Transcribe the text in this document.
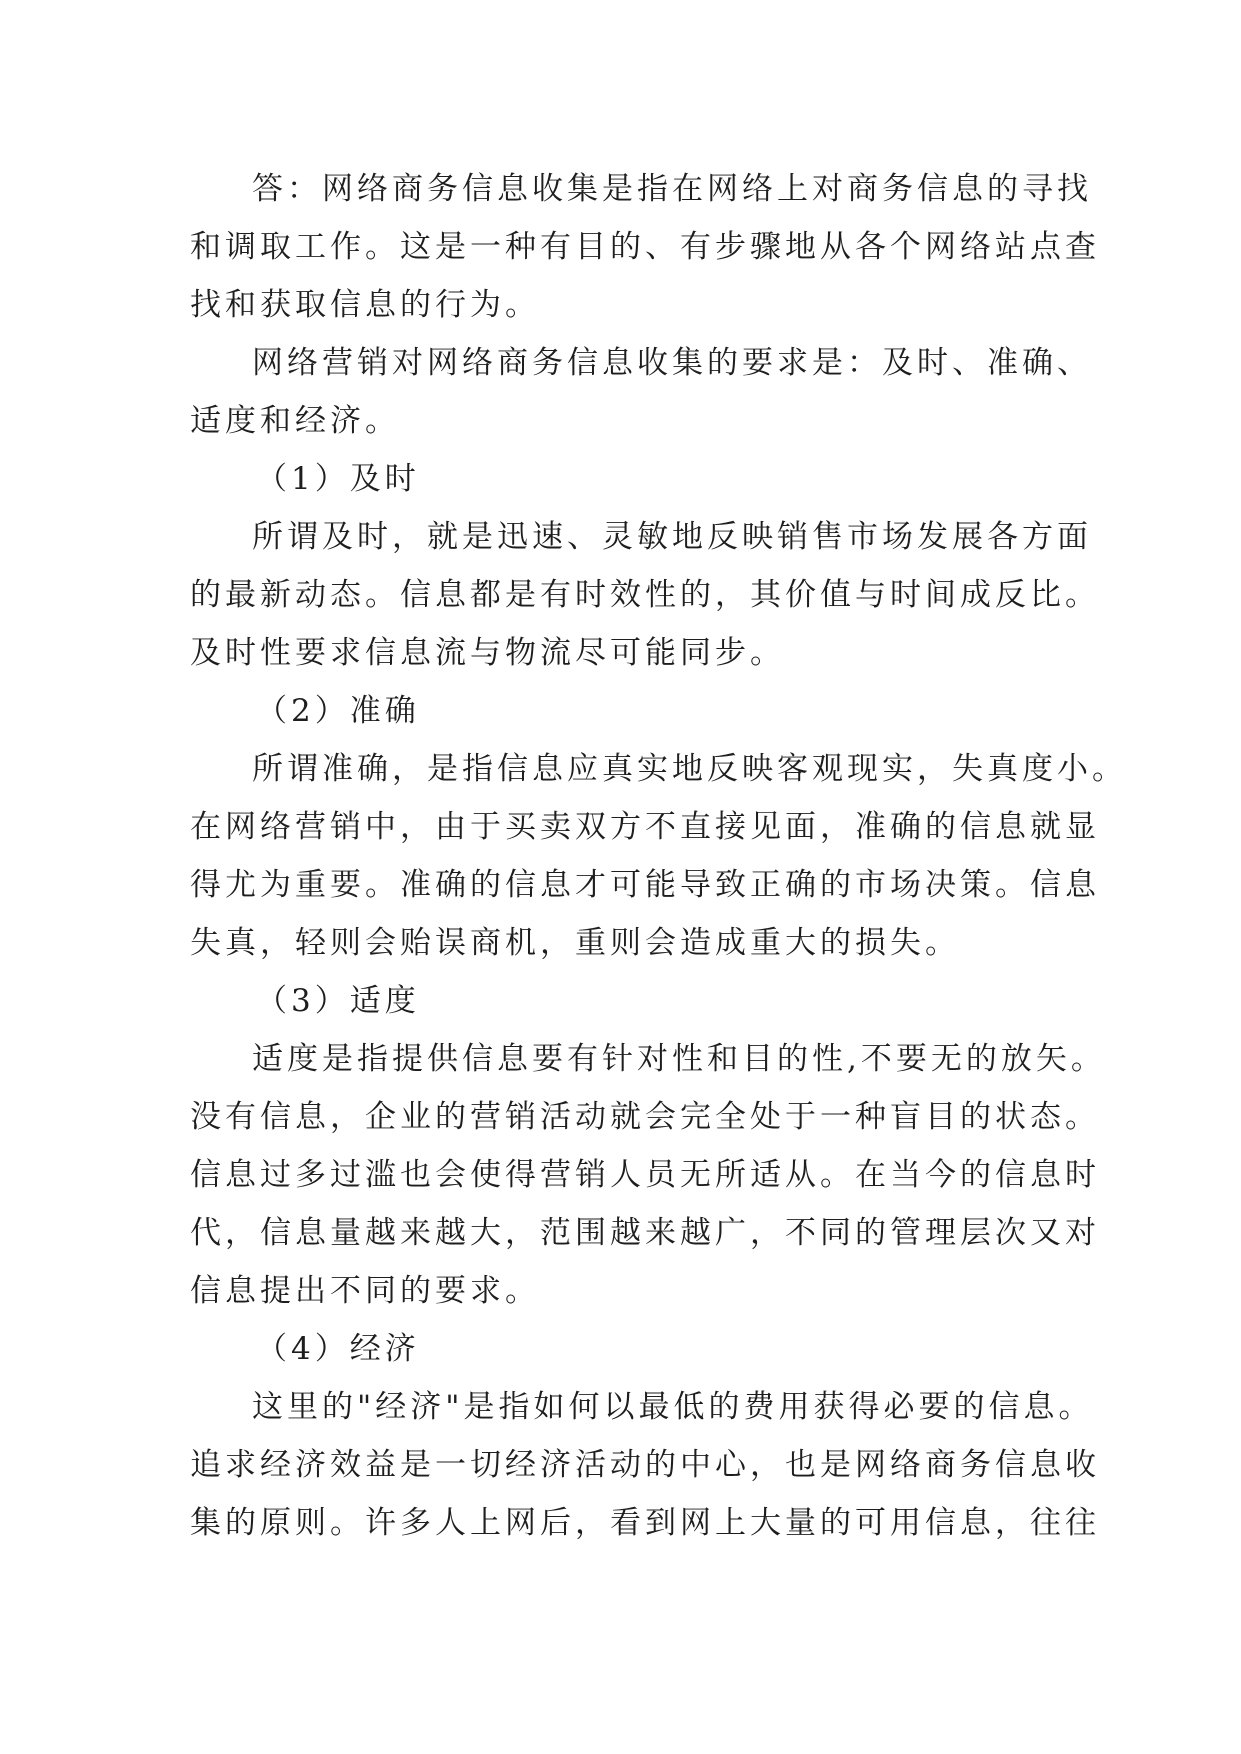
答：网络商务信息收集是指在网络上对商务信息的寻找
和调取工作。这是一种有目的、有步骤地从各个网络站点查
找和获取信息的行为。
网络营销对网络商务信息收集的要求是：及时、准确、
适度和经济。
（1）及时
所谓及时，就是迅速、灵敏地反映销售市场发展各方面
的最新动态。信息都是有时效性的，其价值与时间成反比。
及时性要求信息流与物流尽可能同步。
（2）准确
所谓准确，是指信息应真实地反映客观现实，失真度小。
在网络营销中，由于买卖双方不直接见面，准确的信息就显
得尤为重要。准确的信息才可能导致正确的市场决策。信息
失真，轻则会贻误商机，重则会造成重大的损失。
（3）适度
适度是指提供信息要有针对性和目的性,不要无的放矢。
没有信息，企业的营销活动就会完全处于一种盲目的状态。
信息过多过滥也会使得营销人员无所适从。在当今的信息时
代，信息量越来越大，范围越来越广，不同的管理层次又对
信息提出不同的要求。
（4）经济
这里的"经济"是指如何以最低的费用获得必要的信息。
追求经济效益是一切经济活动的中心，也是网络商务信息收
集的原则。许多人上网后，看到网上大量的可用信息，往往
